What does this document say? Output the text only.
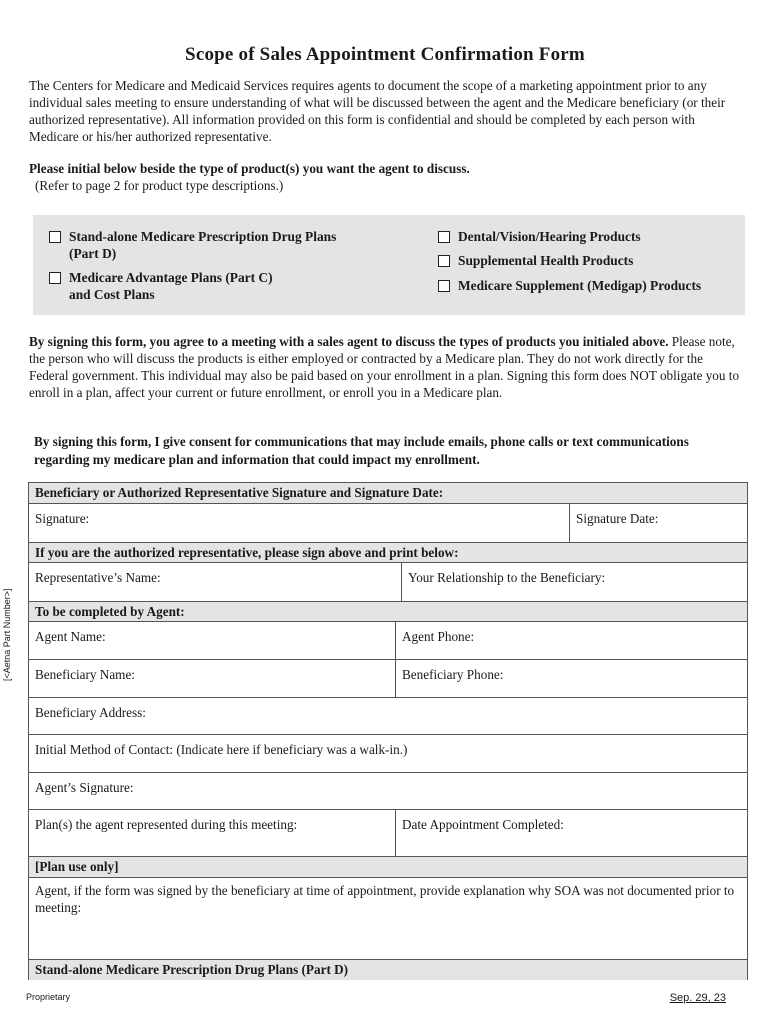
Scope of Sales Appointment Confirmation Form
The Centers for Medicare and Medicaid Services requires agents to document the scope of a marketing appointment prior to any individual sales meeting to ensure understanding of what will be discussed between the agent and the Medicare beneficiary (or their authorized representative). All information provided on this form is confidential and should be completed by each person with Medicare or his/her authorized representative.
Please initial below beside the type of product(s) you want the agent to discuss.
(Refer to page 2 for product type descriptions.)
Stand-alone Medicare Prescription Drug Plans
(Part D)
Medicare Advantage Plans (Part C)
and Cost Plans
Dental/Vision/Hearing Products
Supplemental Health Products
Medicare Supplement (Medigap) Products
By signing this form, you agree to a meeting with a sales agent to discuss the types of products you initialed above. Please note, the person who will discuss the products is either employed or contracted by a Medicare plan. They do not work directly for the Federal government. This individual may also be paid based on your enrollment in a plan. Signing this form does NOT obligate you to enroll in a plan, affect your current or future enrollment, or enroll you in a Medicare plan.
By signing this form, I give consent for communications that may include emails, phone calls or text communications regarding my medicare plan and information that could impact my enrollment.
[<Aetna Part Number>]
Beneficiary or Authorized Representative Signature and Signature Date:
Signature:	Signature Date:
If you are the authorized representative, please sign above and print below:
Representative’s Name:	Your Relationship to the Beneficiary:
To be completed by Agent:
Agent Name:	Agent Phone:
Beneficiary Name:	Beneficiary Phone:
Beneficiary Address:
Initial Method of Contact: (Indicate here if beneficiary was a walk-in.)
Agent’s Signature:
Plan(s) the agent represented during this meeting:	Date Appointment Completed:
[Plan use only]
Agent, if the form was signed by the beneficiary at time of appointment, provide explanation why SOA was not documented prior to meeting:
Stand-alone Medicare Prescription Drug Plans (Part D)
Proprietary	Sep. 29, 23
